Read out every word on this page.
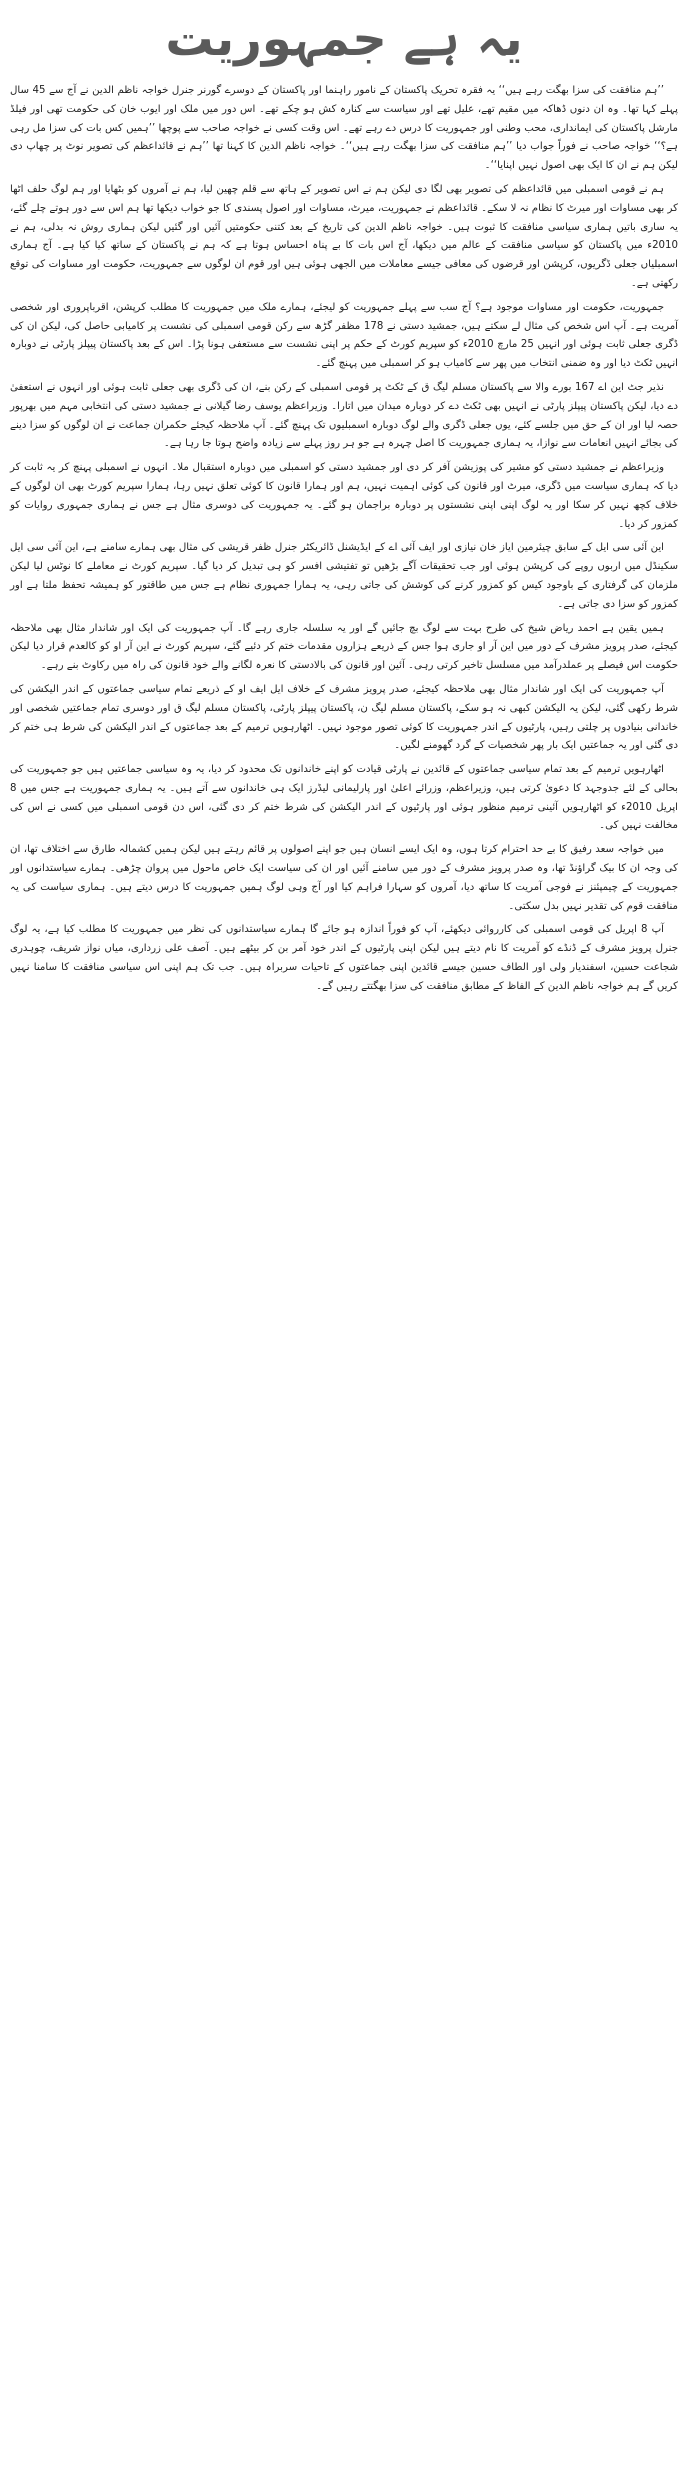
یہ ہے جمہوریت

’’ہم منافقت کی سزا بھگت رہے ہیں‘‘ یہ فقرہ تحریک پاکستان کے نامور راہنما اور پاکستان کے دوسرے گورنر جنرل خواجہ ناظم الدین نے آج سے 45 سال پہلے کہا تھا۔ وہ ان دنوں ڈھاکہ میں مقیم تھے، علیل تھے اور سیاست سے کنارہ کش ہو چکے تھے۔ اس دور میں ملک اور ایوب خان کی حکومت تھی اور فیلڈ مارشل پاکستان کی ایمانداری، محب وطنی اور جمہوریت کا درس دے رہے تھے۔ اس وقت کسی نے خواجہ صاحب سے پوچھا ’’ہمیں کس بات کی سزا مل رہی ہے؟‘‘ خواجہ صاحب نے فوراً جواب دیا ’’ہم منافقت کی سزا بھگت رہے ہیں‘‘۔ خواجہ ناظم الدین کا کہنا تھا ’’ہم نے قائداعظم کی تصویر نوٹ پر چھاپ دی لیکن ہم نے ان کا ایک بھی اصول نہیں اپنایا‘‘۔

ہم نے قومی اسمبلی میں قائداعظم کی تصویر بھی لگا دی لیکن ہم نے اس تصویر کے ہاتھ سے قلم چھین لیا، ہم نے آمروں کو بٹھایا اور ہم لوگ حلف اٹھا کر بھی مساوات اور میرٹ کا نظام نہ لا سکے۔ قائداعظم نے جمہوریت، میرٹ، مساوات اور اصول پسندی کا جو خواب دیکھا تھا ہم اس سے دور ہوتے چلے گئے، یہ ساری باتیں ہماری سیاسی منافقت کا ثبوت ہیں۔ خواجہ ناظم الدین کی تاریخ کے بعد کتنی حکومتیں آئیں اور گئیں لیکن ہماری روش نہ بدلی، ہم نے 2010ء میں پاکستان کو سیاسی منافقت کے عالم میں دیکھا، آج اس بات کا بے پناہ احساس ہوتا ہے کہ ہم نے پاکستان کے ساتھ کیا کیا ہے۔ آج ہماری اسمبلیاں جعلی ڈگریوں، کرپشن اور قرضوں کی معافی جیسے معاملات میں الجھی ہوئی ہیں اور قوم ان لوگوں سے جمہوریت، حکومت اور مساوات کی توقع رکھتی ہے۔

جمہوریت، حکومت اور مساوات موجود ہے؟ آج سب سے پہلے جمہوریت کو لیجئے، ہمارے ملک میں جمہوریت کا مطلب کرپشن، اقرباپروری اور شخصی آمریت ہے۔ آپ اس شخص کی مثال لے سکتے ہیں، جمشید دستی نے 178 مظفر گڑھ سے رکن قومی اسمبلی کی نشست پر کامیابی حاصل کی، لیکن ان کی ڈگری جعلی ثابت ہوئی اور انہیں 25 مارچ 2010ء کو سپریم کورٹ کے حکم پر اپنی نشست سے مستعفی ہونا پڑا۔ اس کے بعد پاکستان پیپلز پارٹی نے دوبارہ انہیں ٹکٹ دیا اور وہ ضمنی انتخاب میں پھر سے کامیاب ہو کر اسمبلی میں پہنچ گئے۔

نذیر جٹ این اے 167 بورے والا سے پاکستان مسلم لیگ ق کے ٹکٹ پر قومی اسمبلی کے رکن بنے، ان کی ڈگری بھی جعلی ثابت ہوئی اور انہوں نے استعفیٰ دے دیا، لیکن پاکستان پیپلز پارٹی نے انہیں بھی ٹکٹ دے کر دوبارہ میدان میں اتارا۔ وزیراعظم یوسف رضا گیلانی نے جمشید دستی کی انتخابی مہم میں بھرپور حصہ لیا اور ان کے حق میں جلسے کئے، یوں جعلی ڈگری والے لوگ دوبارہ اسمبلیوں تک پہنچ گئے۔ آپ ملاحظہ کیجئے حکمران جماعت نے ان لوگوں کو سزا دینے کی بجائے انہیں انعامات سے نوازا، یہ ہماری جمہوریت کا اصل چہرہ ہے جو ہر روز پہلے سے زیادہ واضح ہوتا جا رہا ہے۔

وزیراعظم نے جمشید دستی کو مشیر کی پوزیشن آفر کر دی اور جمشید دستی کو اسمبلی میں دوبارہ استقبال ملا۔ انہوں نے اسمبلی پہنچ کر یہ ثابت کر دیا کہ ہماری سیاست میں ڈگری، میرٹ اور قانون کی کوئی اہمیت نہیں، ہم اور ہمارا قانون کا کوئی تعلق نہیں رہا، ہمارا سپریم کورٹ بھی ان لوگوں کے خلاف کچھ نہیں کر سکا اور یہ لوگ اپنی اپنی نشستوں پر دوبارہ براجمان ہو گئے۔ یہ جمہوریت کی دوسری مثال ہے جس نے ہماری جمہوری روایات کو کمزور کر دیا۔

این آئی سی ایل کے سابق چیئرمین ایاز خان نیازی اور ایف آئی اے کے ایڈیشنل ڈائریکٹر جنرل ظفر قریشی کی مثال بھی ہمارے سامنے ہے، این آئی سی ایل سکینڈل میں اربوں روپے کی کرپشن ہوئی اور جب تحقیقات آگے بڑھیں تو تفتیشی افسر کو ہی تبدیل کر دیا گیا۔ سپریم کورٹ نے معاملے کا نوٹس لیا لیکن ملزمان کی گرفتاری کے باوجود کیس کو کمزور کرنے کی کوشش کی جاتی رہی، یہ ہمارا جمہوری نظام ہے جس میں طاقتور کو ہمیشہ تحفظ ملتا ہے اور کمزور کو سزا دی جاتی ہے۔

ہمیں یقین ہے احمد ریاض شیخ کی طرح بہت سے لوگ بچ جائیں گے اور یہ سلسلہ جاری رہے گا۔ آپ جمہوریت کی ایک اور شاندار مثال بھی ملاحظہ کیجئے، صدر پرویز مشرف کے دور میں این آر او جاری ہوا جس کے ذریعے ہزاروں مقدمات ختم کر دئیے گئے، سپریم کورٹ نے این آر او کو کالعدم قرار دیا لیکن حکومت اس فیصلے پر عملدرآمد میں مسلسل تاخیر کرتی رہی۔ آئین اور قانون کی بالادستی کا نعرہ لگانے والے خود قانون کی راہ میں رکاوٹ بنے رہے۔

آپ جمہوریت کی ایک اور شاندار مثال بھی ملاحظہ کیجئے، صدر پرویز مشرف کے خلاف ایل ایف او کے ذریعے تمام سیاسی جماعتوں کے اندر الیکشن کی شرط رکھی گئی، لیکن یہ الیکشن کبھی نہ ہو سکے، پاکستان مسلم لیگ ن، پاکستان پیپلز پارٹی، پاکستان مسلم لیگ ق اور دوسری تمام جماعتیں شخصی اور خاندانی بنیادوں پر چلتی رہیں، پارٹیوں کے اندر جمہوریت کا کوئی تصور موجود نہیں۔ اٹھارہویں ترمیم کے بعد جماعتوں کے اندر الیکشن کی شرط ہی ختم کر دی گئی اور یہ جماعتیں ایک بار پھر شخصیات کے گرد گھومنے لگیں۔

اٹھارہویں ترمیم کے بعد تمام سیاسی جماعتوں کے قائدین نے پارٹی قیادت کو اپنے خاندانوں تک محدود کر دیا، یہ وہ سیاسی جماعتیں ہیں جو جمہوریت کی بحالی کے لئے جدوجہد کا دعویٰ کرتی ہیں، وزیراعظم، وزرائے اعلیٰ اور پارلیمانی لیڈرز ایک ہی خاندانوں سے آتے ہیں۔ یہ ہماری جمہوریت ہے جس میں 8 اپریل 2010ء کو اٹھارہویں آئینی ترمیم منظور ہوئی اور پارٹیوں کے اندر الیکشن کی شرط ختم کر دی گئی، اس دن قومی اسمبلی میں کسی نے اس کی مخالفت نہیں کی۔

میں خواجہ سعد رفیق کا بے حد احترام کرتا ہوں، وہ ایک ایسے انسان ہیں جو اپنے اصولوں پر قائم رہتے ہیں لیکن ہمیں کشمالہ طارق سے اختلاف تھا، ان کی وجہ ان کا بیک گراؤنڈ تھا، وہ صدر پرویز مشرف کے دور میں سامنے آئیں اور ان کی سیاست ایک خاص ماحول میں پروان چڑھی۔ ہمارے سیاستدانوں اور جمہوریت کے چیمپئنز نے فوجی آمریت کا ساتھ دیا، آمروں کو سہارا فراہم کیا اور آج وہی لوگ ہمیں جمہوریت کا درس دیتے ہیں۔ ہماری سیاست کی یہ منافقت قوم کی تقدیر نہیں بدل سکتی۔

آپ 8 اپریل کی قومی اسمبلی کی کارروائی دیکھئے، آپ کو فوراً اندازہ ہو جائے گا ہمارے سیاستدانوں کی نظر میں جمہوریت کا مطلب کیا ہے، یہ لوگ جنرل پرویز مشرف کے ڈنڈے کو آمریت کا نام دیتے ہیں لیکن اپنی پارٹیوں کے اندر خود آمر بن کر بیٹھے ہیں۔ آصف علی زرداری، میاں نواز شریف، چوہدری شجاعت حسین، اسفندیار ولی اور الطاف حسین جیسے قائدین اپنی جماعتوں کے تاحیات سربراہ ہیں۔ جب تک ہم اپنی اس سیاسی منافقت کا سامنا نہیں کریں گے ہم خواجہ ناظم الدین کے الفاظ کے مطابق منافقت کی سزا بھگتتے رہیں گے۔
